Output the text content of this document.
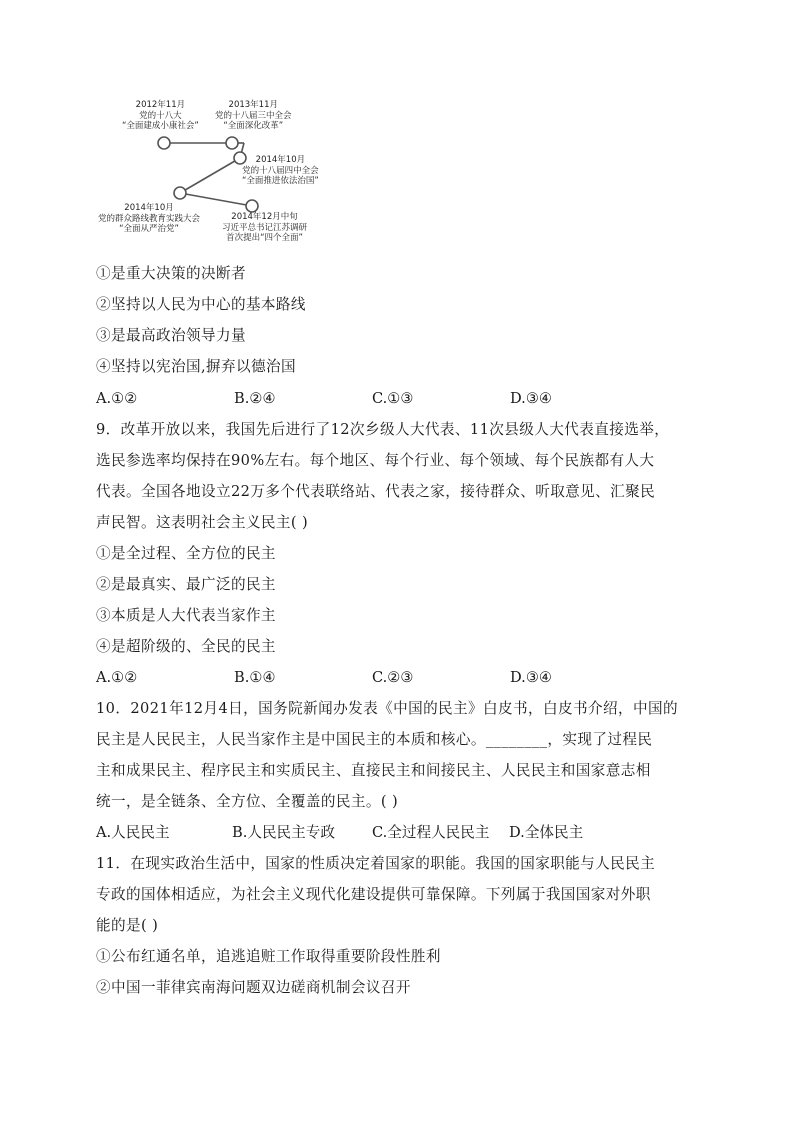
2012年11月
党的十八大
“全面建成小康社会”
2013年11月
党的十八届三中全会
“全面深化改革”
2014年10月
党的十八届四中全会
“全面推进依法治国”
2014年10月
党的群众路线教育实践大会
“全面从严治党”
2014年12月中旬
习近平总书记江苏调研
首次提出“四个全面”
①是重大决策的决断者
②坚持以人民为中心的基本路线
③是最高政治领导力量
④坚持以宪治国,摒弃以德治国
A.①②	B.②④	C.①③	D.③④
9．改革开放以来，我国先后进行了12次乡级人大代表、11次县级人大代表直接选举，
选民参选率均保持在90%左右。每个地区、每个行业、每个领域、每个民族都有人大
代表。全国各地设立22万多个代表联络站、代表之家，接待群众、听取意见、汇聚民
声民智。这表明社会主义民主( )
①是全过程、全方位的民主
②是最真实、最广泛的民主
③本质是人大代表当家作主
④是超阶级的、全民的民主
A.①②	B.①④	C.②③	D.③④
10．2021年12月4日，国务院新闻办发表《中国的民主》白皮书，白皮书介绍，中国的
民主是人民民主，人民当家作主是中国民主的本质和核心。________，实现了过程民
主和成果民主、程序民主和实质民主、直接民主和间接民主、人民民主和国家意志相
统一，是全链条、全方位、全覆盖的民主。( )
A.人民民主	B.人民民主专政	C.全过程人民民主 D.全体民主
11．在现实政治生活中，国家的性质决定着国家的职能。我国的国家职能与人民民主
专政的国体相适应，为社会主义现代化建设提供可靠保障。下列属于我国国家对外职
能的是( )
①公布红通名单，追逃追赃工作取得重要阶段性胜利
②中国一菲律宾南海问题双边磋商机制会议召开
